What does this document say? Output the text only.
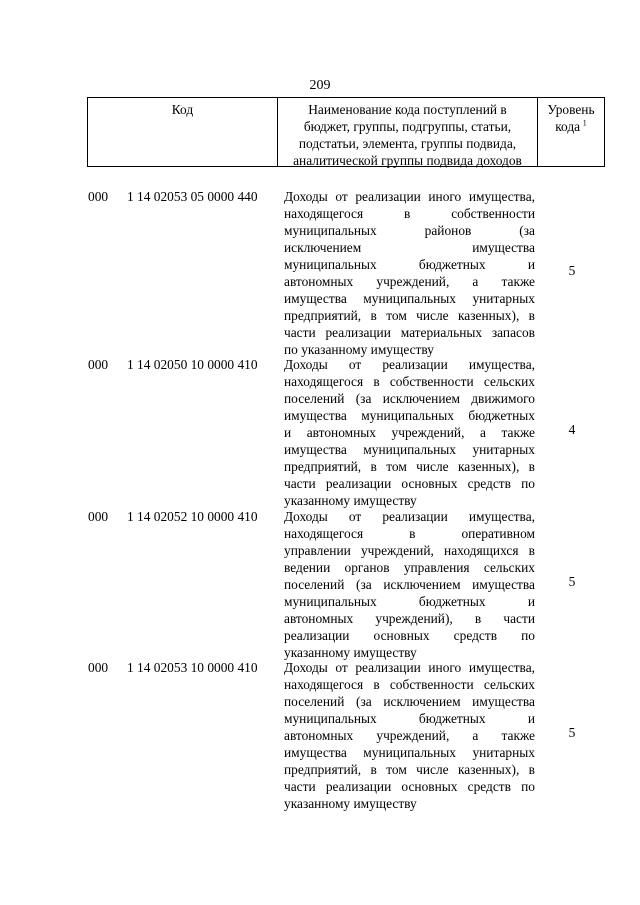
209
Код	Наименование кода поступлений в
бюджет, группы, подгруппы, статьи,
подстатьи, элемента, группы подвида,
аналитической группы подвида доходов
Уровень
кода  $^1$
000 1 14 02053 05 0000 440 Доходы от реализации иного имущества,
находящегося в собственности
муниципальных районов (за
исключением имущества
муниципальных бюджетных и
автономных учреждений, а также
имущества муниципальных унитарных
предприятий, в том числе казенных), в
части реализации материальных запасов
по указанному имуществу
5
000 1 14 02050 10 0000 410 Доходы от реализации имущества,
находящегося в собственности сельских
поселений (за исключением движимого
имущества муниципальных бюджетных
и автономных учреждений, а также
имущества муниципальных унитарных
предприятий, в том числе казенных), в
части реализации основных средств по
указанному имуществу
4
000 1 14 02052 10 0000 410 Доходы от реализации имущества,
находящегося в оперативном
управлении учреждений, находящихся в
ведении органов управления сельских
поселений (за исключением имущества
муниципальных бюджетных и
автономных учреждений), в части
реализации основных средств по
указанному имуществу
5
000 1 14 02053 10 0000 410 Доходы от реализации иного имущества,
находящегося в собственности сельских
поселений (за исключением имущества
муниципальных бюджетных и
автономных учреждений, а также
имущества муниципальных унитарных
предприятий, в том числе казенных), в
части реализации основных средств по
указанному имуществу
5
